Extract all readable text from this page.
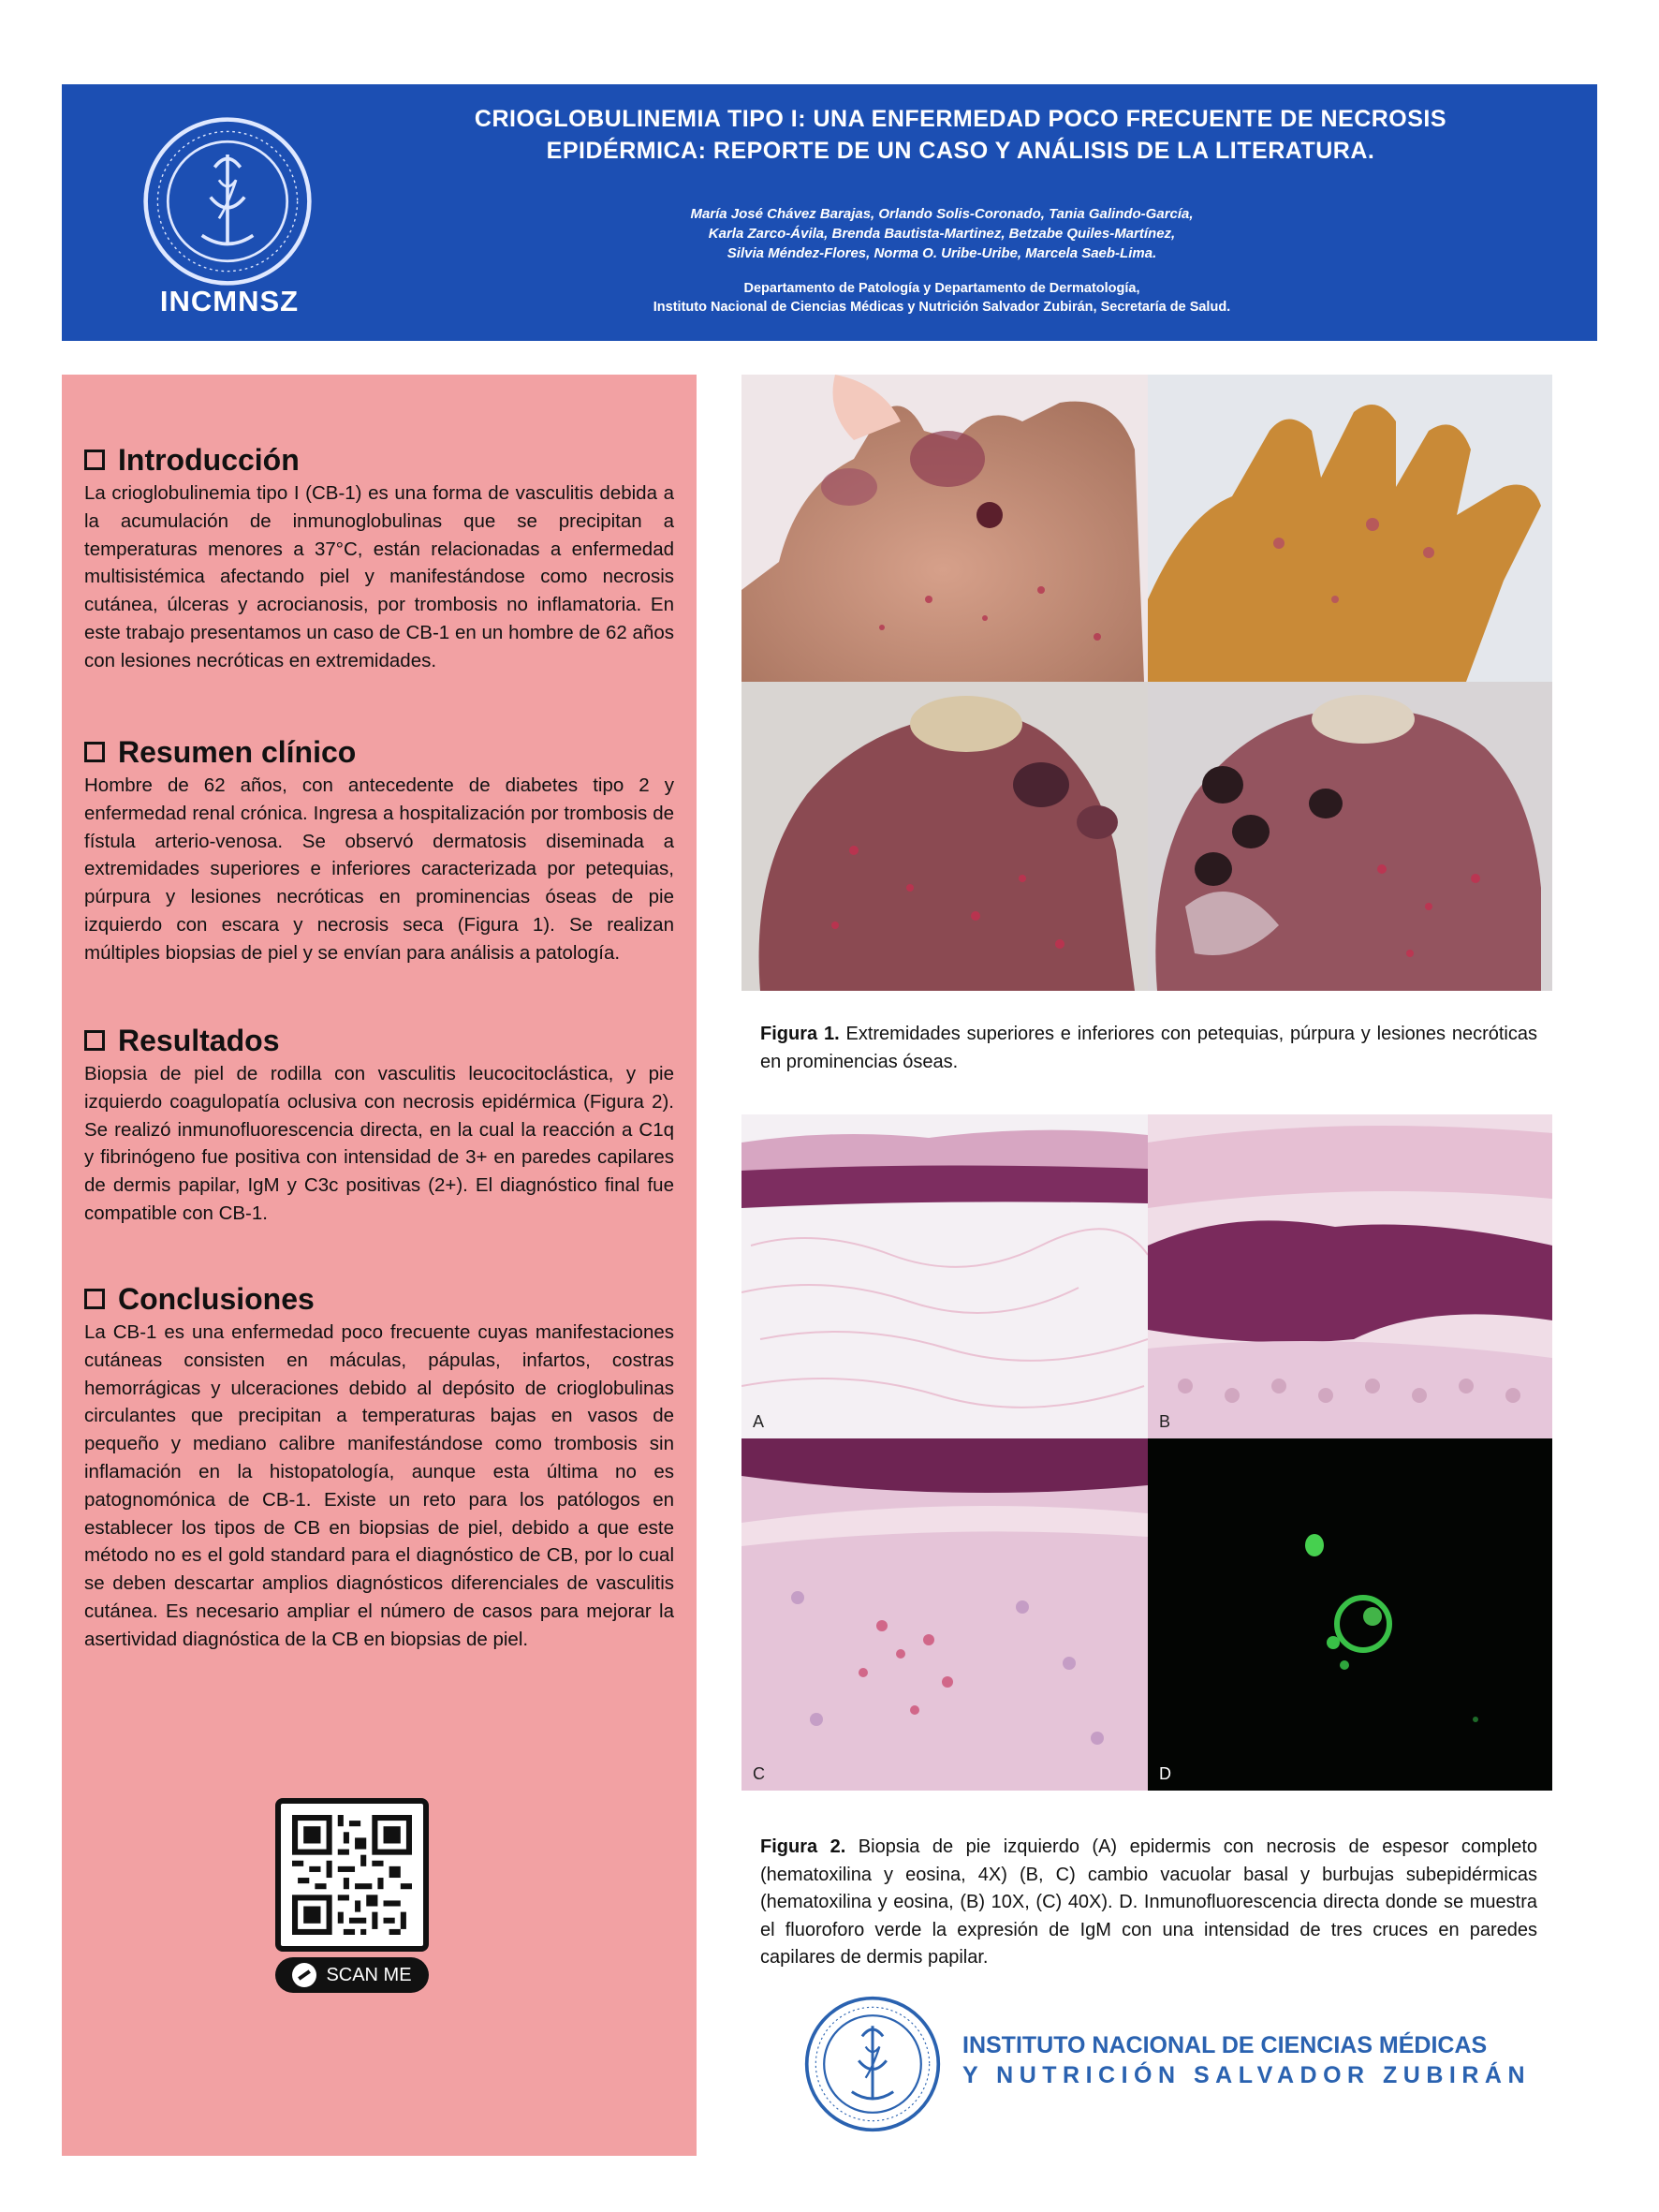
INCMNSZ
CRIOGLOBULINEMIA TIPO I: UNA ENFERMEDAD POCO FRECUENTE DE NECROSIS
EPIDÉRMICA: REPORTE DE UN CASO Y ANÁLISIS DE LA LITERATURA.
María José Chávez Barajas, Orlando Solis-Coronado, Tania Galindo-García,
Karla Zarco-Ávila, Brenda Bautista-Martinez, Betzabe Quiles-Martínez,
Silvia Méndez-Flores, Norma O. Uribe-Uribe, Marcela Saeb-Lima.
Departamento de Patología y Departamento de Dermatología,
Instituto Nacional de Ciencias Médicas y Nutrición Salvador Zubirán, Secretaría de Salud.
Introducción
La crioglobulinemia tipo I (CB-1) es una forma de vasculitis debida a la acumulación de inmunoglobulinas que se precipitan a temperaturas menores a 37°C, están relacionadas a enfermedad multisistémica afectando piel y manifestándose como necrosis cutánea, úlceras y acrocianosis, por trombosis no inflamatoria. En este trabajo presentamos un caso de CB-1 en un hombre de 62 años con lesiones necróticas en extremidades.
Resumen clínico
Hombre de 62 años, con antecedente de diabetes tipo 2 y enfermedad renal crónica. Ingresa a hospitalización por trombosis de fístula arterio-venosa. Se observó dermatosis diseminada a extremidades superiores e inferiores caracterizada por petequias, púrpura y lesiones necróticas en prominencias óseas de pie izquierdo con escara y necrosis seca (Figura 1). Se realizan múltiples biopsias de piel y se envían para análisis a patología.
Resultados
Biopsia de piel de rodilla con vasculitis leucocitoclástica, y pie izquierdo coagulopatía oclusiva con necrosis epidérmica (Figura 2). Se realizó inmunofluorescencia directa, en la cual la reacción a C1q y fibrinógeno fue positiva con intensidad de 3+ en paredes capilares de dermis papilar, IgM y C3c positivas (2+). El diagnóstico final fue compatible con CB-1.
Conclusiones
La CB-1 es una enfermedad poco frecuente cuyas manifestaciones cutáneas consisten en máculas, pápulas, infartos, costras hemorrágicas y ulceraciones debido al depósito de crioglobulinas circulantes que precipitan a temperaturas bajas en vasos de pequeño y mediano calibre manifestándose como trombosis sin inflamación en la histopatología, aunque esta última no es patognomónica de CB-1. Existe un reto para los patólogos en establecer los tipos de CB en biopsias de piel, debido a que este método no es el gold standard para el diagnóstico de CB, por lo cual se deben descartar amplios diagnósticos diferenciales de vasculitis cutánea. Es necesario ampliar el número de casos para mejorar la asertividad diagnóstica de la CB en biopsias de piel.
SCAN ME
Figura 1. Extremidades superiores e inferiores con petequias, púrpura y lesiones necróticas en prominencias óseas.
A	B
C	D
Figura 2. Biopsia de pie izquierdo (A) epidermis con necrosis de espesor completo (hematoxilina y eosina, 4X) (B, C) cambio vacuolar basal y burbujas subepidérmicas (hematoxilina y eosina, (B) 10X, (C) 40X). D. Inmunofluorescencia directa donde se muestra el fluoroforo verde la expresión de IgM con una intensidad de tres cruces en paredes capilares de dermis papilar.
INSTITUTO NACIONAL DE CIENCIAS MÉDICAS
Y NUTRICIÓN SALVADOR ZUBIRÁN
